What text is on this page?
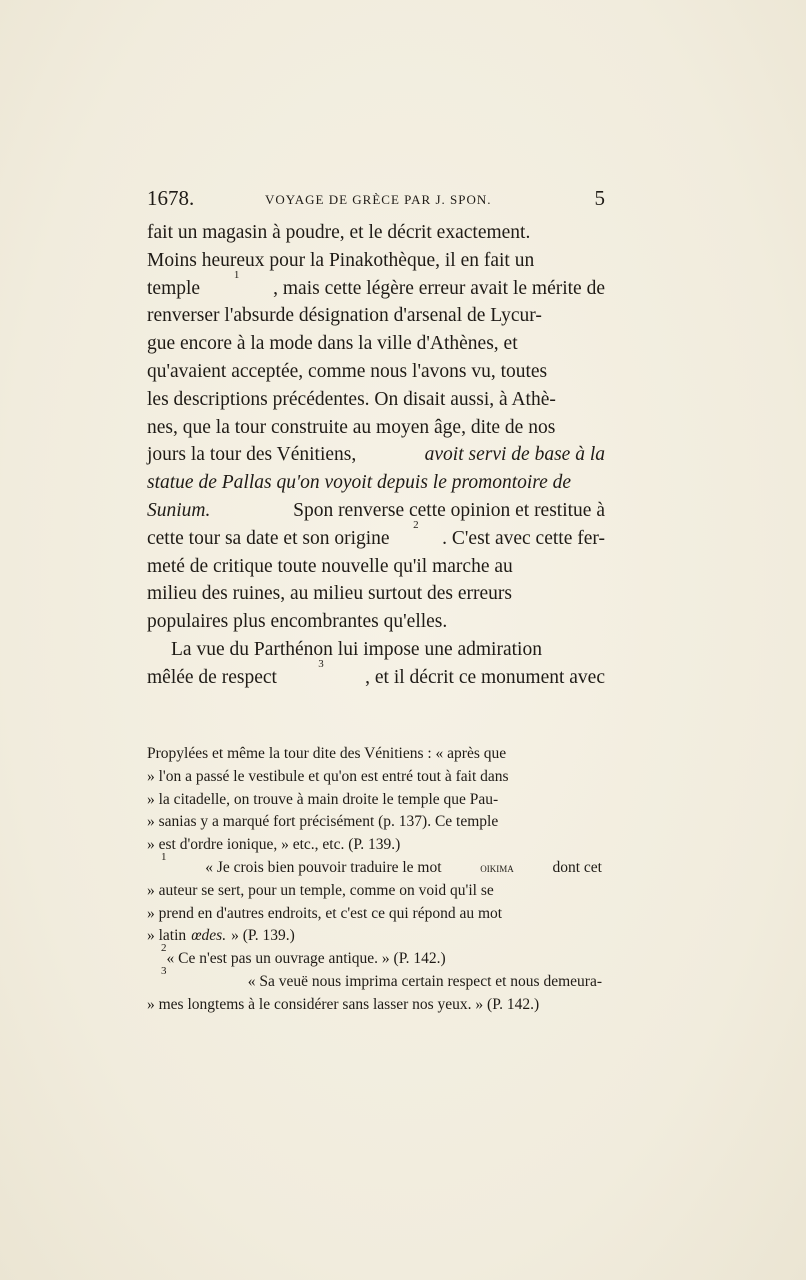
1678.	VOYAGE DE GRÈCE PAR J. SPON.	5
fait un magasin à poudre, et le décrit exactement.
Moins heureux pour la Pinakothèque, il en fait un
temple
1
, mais cette légère erreur avait le mérite de
renverser l'absurde désignation d'arsenal de Lycur-
gue encore à la mode dans la ville d'Athènes, et
qu'avaient acceptée, comme nous l'avons vu, toutes
les descriptions précédentes. On disait aussi, à Athè-
nes, que la tour construite au moyen âge, dite de nos
jours la tour des Vénitiens,	avoit servi de base à la
statue de Pallas qu'on voyoit depuis le promontoire de
Sunium.	Spon renverse cette opinion et restitue à
cette tour sa date et son origine
2
. C'est avec cette fer-
meté de critique toute nouvelle qu'il marche au
milieu des ruines, au milieu surtout des erreurs
populaires plus encombrantes qu'elles.
La vue du Parthénon lui impose une admiration
mêlée de respect
3
, et il décrit ce monument avec
Propylées et même la tour dite des Vénitiens : « après que
» l'on a passé le vestibule et qu'on est entré tout à fait dans
» la citadelle, on trouve à main droite le temple que Pau-
» sanias y a marqué fort précisément (p. 137). Ce temple
» est d'ordre ionique, » etc., etc. (P. 139.)
1
« Je crois bien pouvoir traduire le mot	oikima dont cet
» auteur se sert, pour un temple, comme on void qu'il se
» prend en d'autres endroits, et c'est ce qui répond au mot
» latin œdes. » (P. 139.)
2
« Ce n'est pas un ouvrage antique. » (P. 142.)
3
« Sa veuë nous imprima certain respect et nous demeura-
» mes longtems à le considérer sans lasser nos yeux. » (P. 142.)
